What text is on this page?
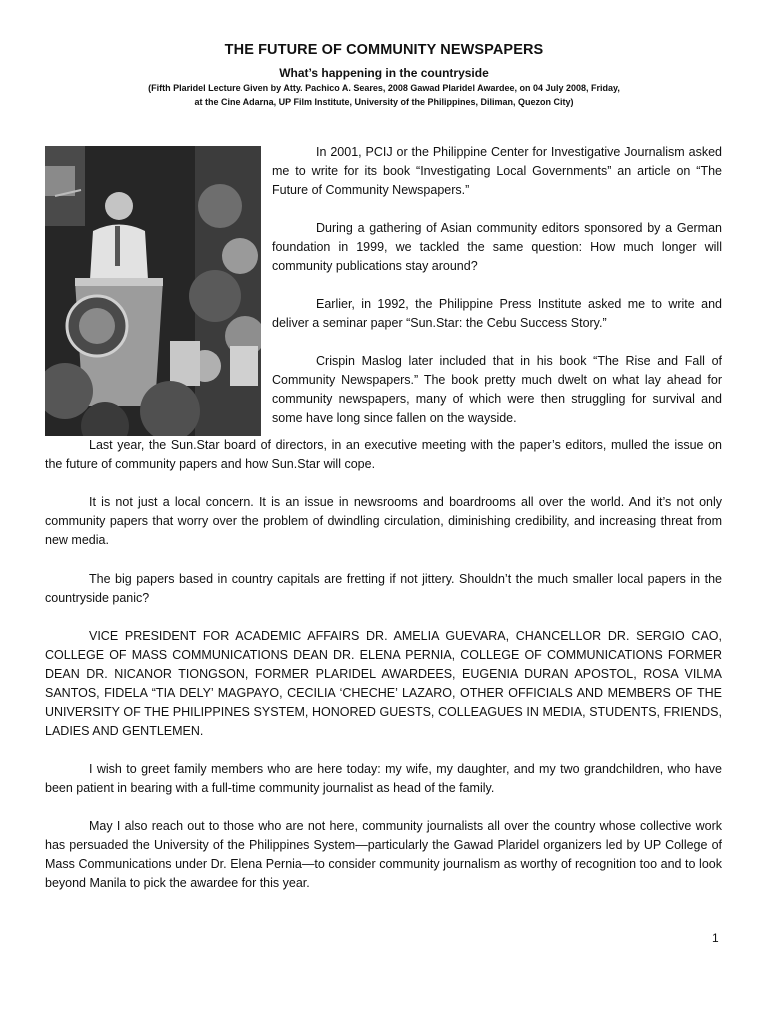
THE FUTURE OF COMMUNITY NEWSPAPERS
What’s happening in the countryside
(Fifth Plaridel Lecture Given by Atty. Pachico A. Seares, 2008 Gawad Plaridel Awardee, on 04 July 2008, Friday,
at the Cine Adarna, UP Film Institute, University of the Philippines, Diliman, Quezon City)

In 2001, PCIJ or the Philippine Center for Investigative Journalism asked me to write for its book “Investigating Local Governments” an article on “The Future of Community Newspapers.”

During a gathering of Asian community editors sponsored by a German foundation in 1999, we tackled the same question: How much longer will community publications stay around?

Earlier, in 1992, the Philippine Press Institute asked me to write and deliver a seminar paper “Sun.Star: the Cebu Success Story.”

Crispin Maslog later included that in his book “The Rise and Fall of Community Newspapers.” The book pretty much dwelt on what lay ahead for community newspapers, many of which were then struggling for survival and some have long since fallen on the wayside.

Last year, the Sun.Star board of directors, in an executive meeting with the paper’s editors, mulled the issue on the future of community papers and how Sun.Star will cope.

It is not just a local concern. It is an issue in newsrooms and boardrooms all over the world. And it’s not only community papers that worry over the problem of dwindling circulation, diminishing credibility, and increasing threat from new media.

The big papers based in country capitals are fretting if not jittery. Shouldn’t the much smaller local papers in the countryside panic?

VICE PRESIDENT FOR ACADEMIC AFFAIRS DR. AMELIA GUEVARA, CHANCELLOR DR. SERGIO CAO, COLLEGE OF MASS COMMUNICATIONS DEAN DR. ELENA PERNIA, COLLEGE OF COMMUNICATIONS FORMER DEAN DR. NICANOR TIONGSON, FORMER PLARIDEL AWARDEES, EUGENIA DURAN APOSTOL, ROSA VILMA SANTOS, FIDELA “TIA DELY’ MAGPAYO, CECILIA ‘CHECHE’ LAZARO, OTHER OFFICIALS AND MEMBERS OF THE UNIVERSITY OF THE PHILIPPINES SYSTEM, HONORED GUESTS, COLLEAGUES IN MEDIA, STUDENTS, FRIENDS, LADIES AND GENTLEMEN.

I wish to greet family members who are here today: my wife, my daughter, and my two grandchildren, who have been patient in bearing with a full-time community journalist as head of the family.

May I also reach out to those who are not here, community journalists all over the country whose collective work has persuaded the University of the Philippines System—particularly the Gawad Plaridel organizers led by UP College of Mass Communications under Dr. Elena Pernia—to consider community journalism as worthy of recognition too and to look beyond Manila to pick the awardee for this year.

1
